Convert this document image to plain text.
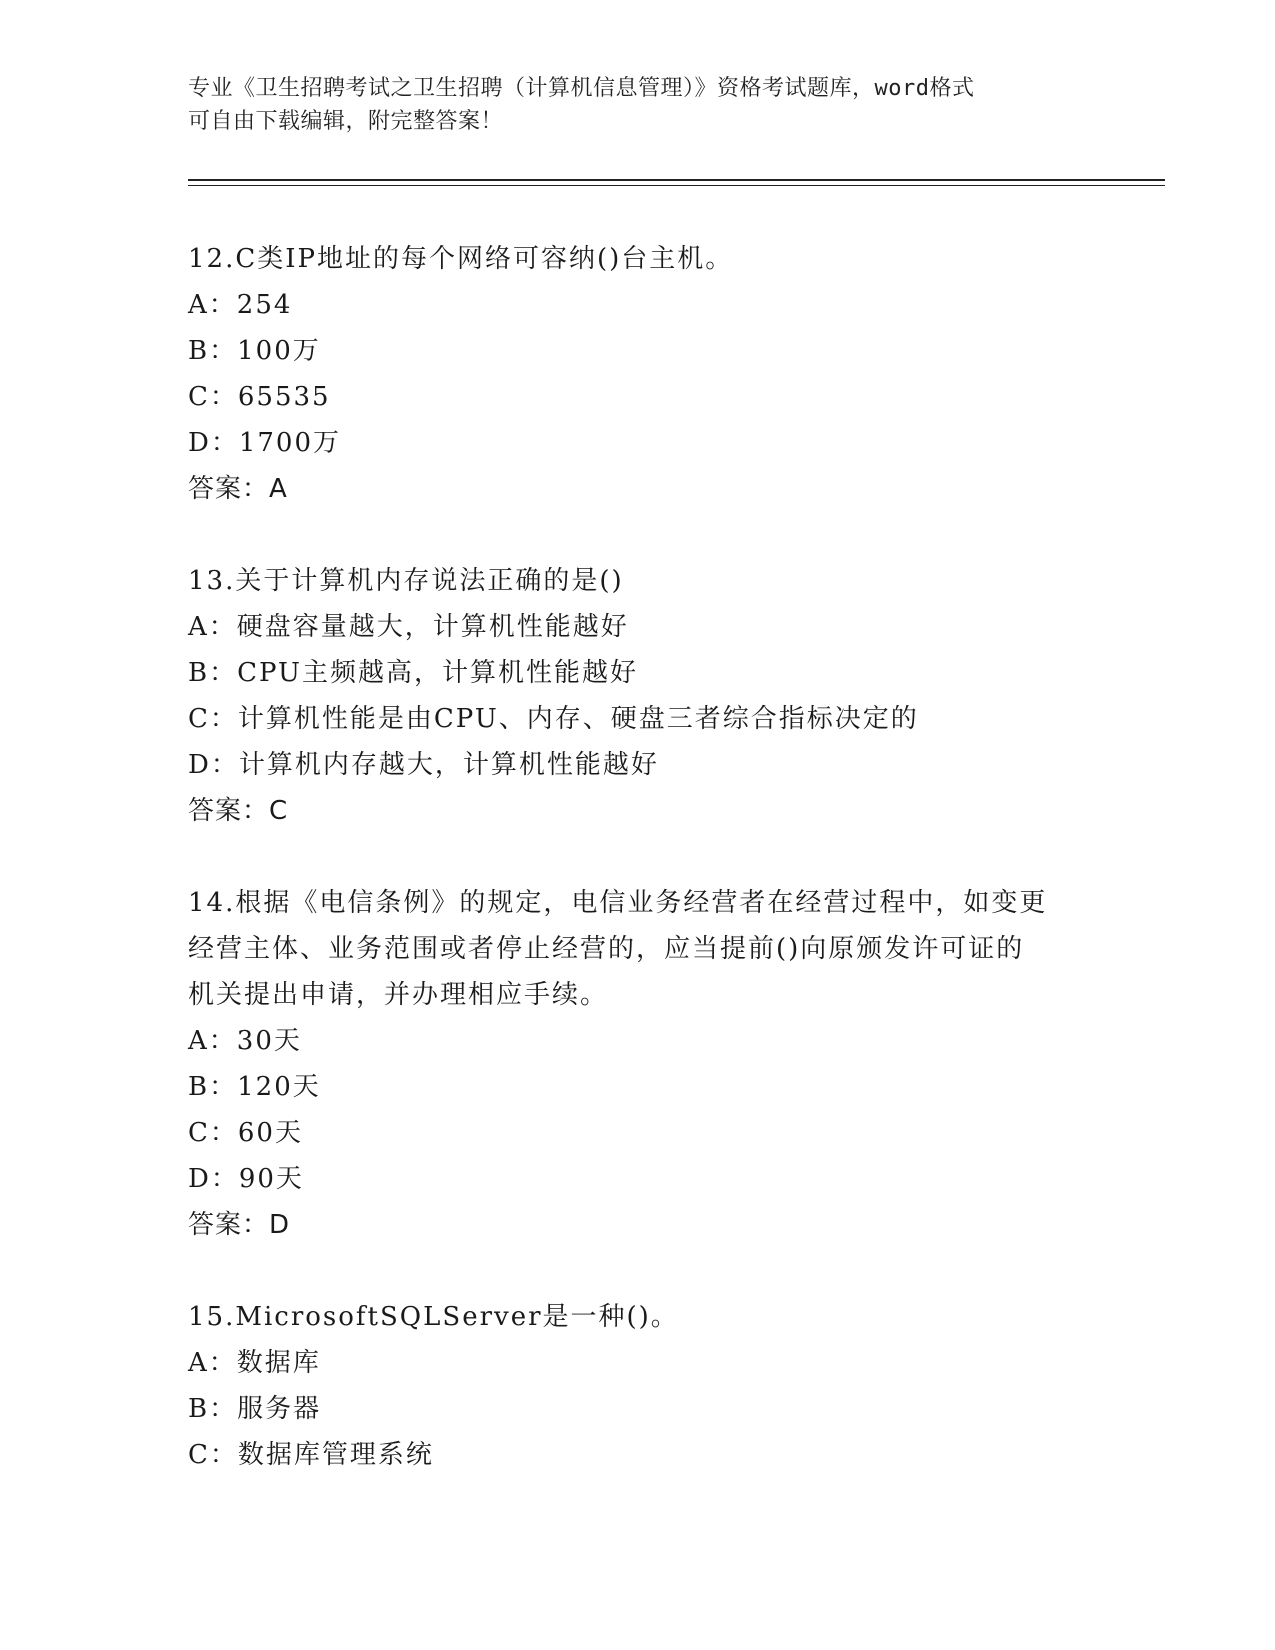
专业《卫生招聘考试之卫生招聘（计算机信息管理）》资格考试题库，word格式
可自由下载编辑，附完整答案！
12.C类IP地址的每个网络可容纳()台主机。
A：254
B：100万
C：65535
D：1700万
答案：A
13.关于计算机内存说法正确的是()
A：硬盘容量越大，计算机性能越好
B：CPU主频越高，计算机性能越好
C：计算机性能是由CPU、内存、硬盘三者综合指标决定的
D：计算机内存越大，计算机性能越好
答案：C
14.根据《电信条例》的规定，电信业务经营者在经营过程中，如变更
经营主体、业务范围或者停止经营的，应当提前()向原颁发许可证的
机关提出申请，并办理相应手续。
A：30天
B：120天
C：60天
D：90天
答案：D
15.MicrosoftSQLServer是一种()。
A：数据库
B：服务器
C：数据库管理系统
